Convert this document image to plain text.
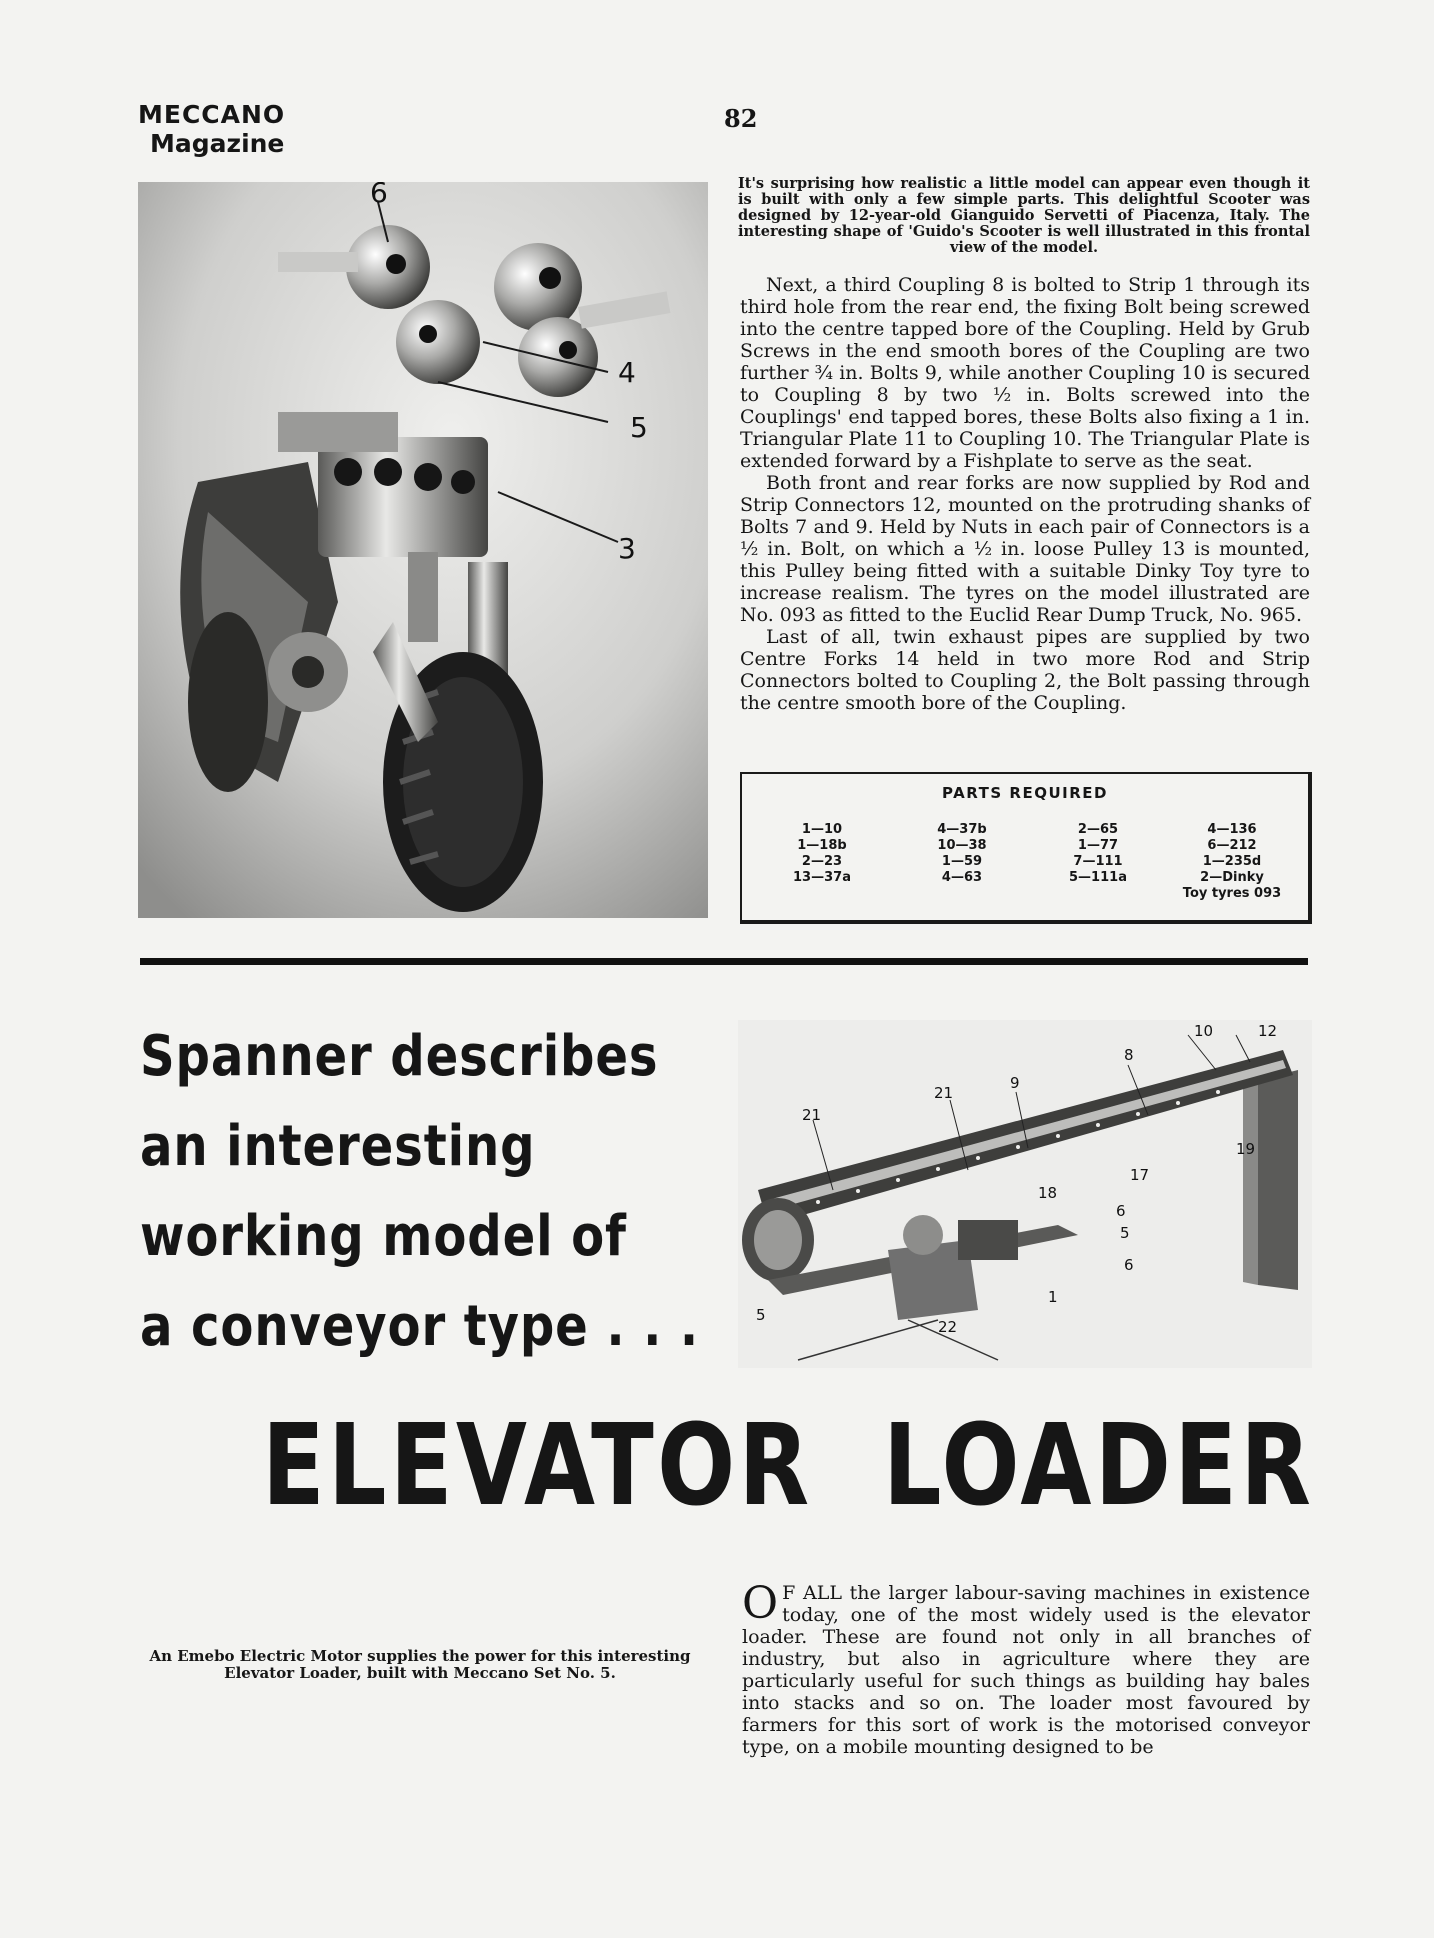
MECCANO
Magazine
82
6
4
5
3
It's surprising how realistic a little model can appear even though it is built with only a few simple parts. This delightful Scooter was designed by 12-year-old Gianguido Servetti of Piacenza, Italy. The interesting shape of 'Guido's Scooter is well illustrated in this frontal view of the model.

Next, a third Coupling 8 is bolted to Strip 1 through its third hole from the rear end, the fixing Bolt being screwed into the centre tapped bore of the Coupling. Held by Grub Screws in the end smooth bores of the Coupling are two further ¾ in. Bolts 9, while another Coupling 10 is secured to Coupling 8 by two ½ in. Bolts screwed into the Couplings' end tapped bores, these Bolts also fixing a 1 in. Triangular Plate 11 to Coupling 10. The Triangular Plate is extended forward by a Fishplate to serve as the seat.

Both front and rear forks are now supplied by Rod and Strip Connectors 12, mounted on the protruding shanks of Bolts 7 and 9. Held by Nuts in each pair of Connectors is a ½ in. Bolt, on which a ½ in. loose Pulley 13 is mounted, this Pulley being fitted with a suitable Dinky Toy tyre to increase realism. The tyres on the model illustrated are No. 093 as fitted to the Euclid Rear Dump Truck, No. 965.

Last of all, twin exhaust pipes are supplied by two Centre Forks 14 held in two more Rod and Strip Connectors bolted to Coupling 2, the Bolt passing through the centre smooth bore of the Coupling.

PARTS REQUIRED
1—10
1—18b
2—23
13—37a
4—37b
10—38
1—59
4—63
2—65
1—77
7—111
5—111a
4—136
6—212
1—235d
2—Dinky
Toy tyres 093
Spanner describes
an interesting
working model of
a conveyor type . . .
10	12
8
9
21
21
19
17
18
6
5
6
5
1
22
ELEVATOR  LOADER
An Emebo Electric Motor supplies the power for this interesting Elevator Loader, built with Meccano Set No. 5.
O F ALL the larger labour-saving machines in existence today, one of the most widely used is the elevator loader. These are found not only in all branches of industry, but also in agriculture where they are particularly useful for such things as building hay bales into stacks and so on. The loader most favoured by farmers for this sort of work is the motorised conveyor type, on a mobile mounting designed to be
